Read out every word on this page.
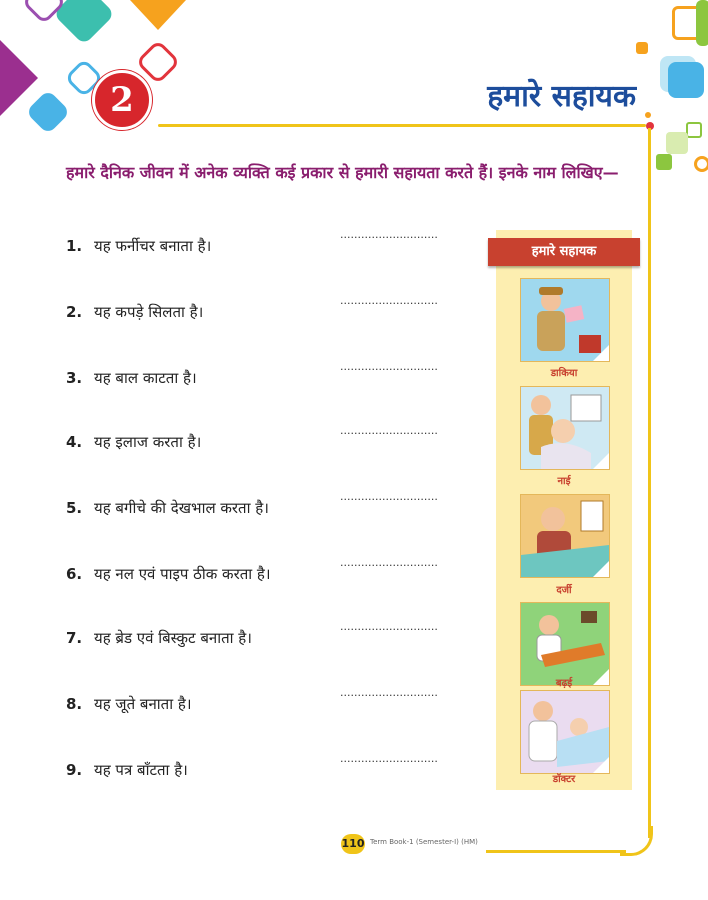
2	हमारे सहायक
हमारे दैनिक जीवन में अनेक व्यक्ति कई प्रकार से हमारी सहायता करते हैं। इनके नाम लिखिए—
1. यह फर्नीचर बनाता है।
2. यह कपड़े सिलता है।
3. यह बाल काटता है।
4. यह इलाज करता है।
5. यह बगीचे की देखभाल करता है।
6. यह नल एवं पाइप ठीक करता है।
7. यह ब्रेड एवं बिस्कुट बनाता है।
8. यह जूते बनाता है।
9. यह पत्र बाँटता है।
............................
............................
............................
............................
............................
............................
............................
............................
............................
हमारे सहायक
डाकिया
नाई
दर्जी
बढ़ई
डॉक्टर
110 Term Book-1 (Semester-I) (HM)
